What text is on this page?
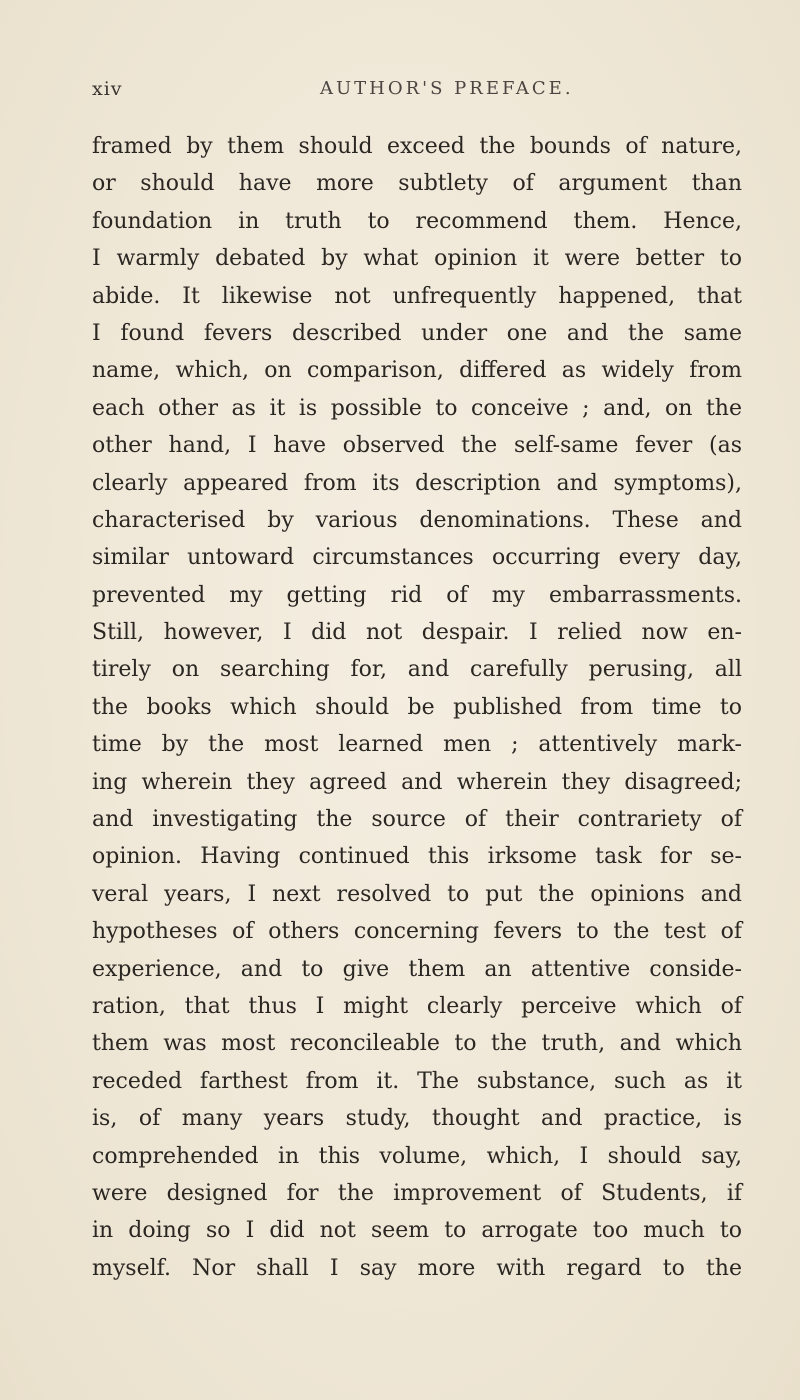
xiv	AUTHOR'S PREFACE.
framed by them should exceed the bounds of nature,
or should have more subtlety of argument than
foundation in truth to recommend them. Hence,
I warmly debated by what opinion it were better to
abide. It likewise not unfrequently happened, that
I found fevers described under one and the same
name, which, on comparison, differed as widely from
each other as it is possible to conceive ; and, on the
other hand, I have observed the self-same fever (as
clearly appeared from its description and symptoms),
characterised by various denominations. These and
similar untoward circumstances occurring every day,
prevented my getting rid of my embarrassments.
Still, however, I did not despair. I relied now en-
tirely on searching for, and carefully perusing, all
the books which should be published from time to
time by the most learned men ; attentively mark-
ing wherein they agreed and wherein they disagreed;
and investigating the source of their contrariety of
opinion. Having continued this irksome task for se-
veral years, I next resolved to put the opinions and
hypotheses of others concerning fevers to the test of
experience, and to give them an attentive conside-
ration, that thus I might clearly perceive which of
them was most reconcileable to the truth, and which
receded farthest from it. The substance, such as it
is, of many years study, thought and practice, is
comprehended in this volume, which, I should say,
were designed for the improvement of Students, if
in doing so I did not seem to arrogate too much to
myself. Nor shall I say more with regard to the
